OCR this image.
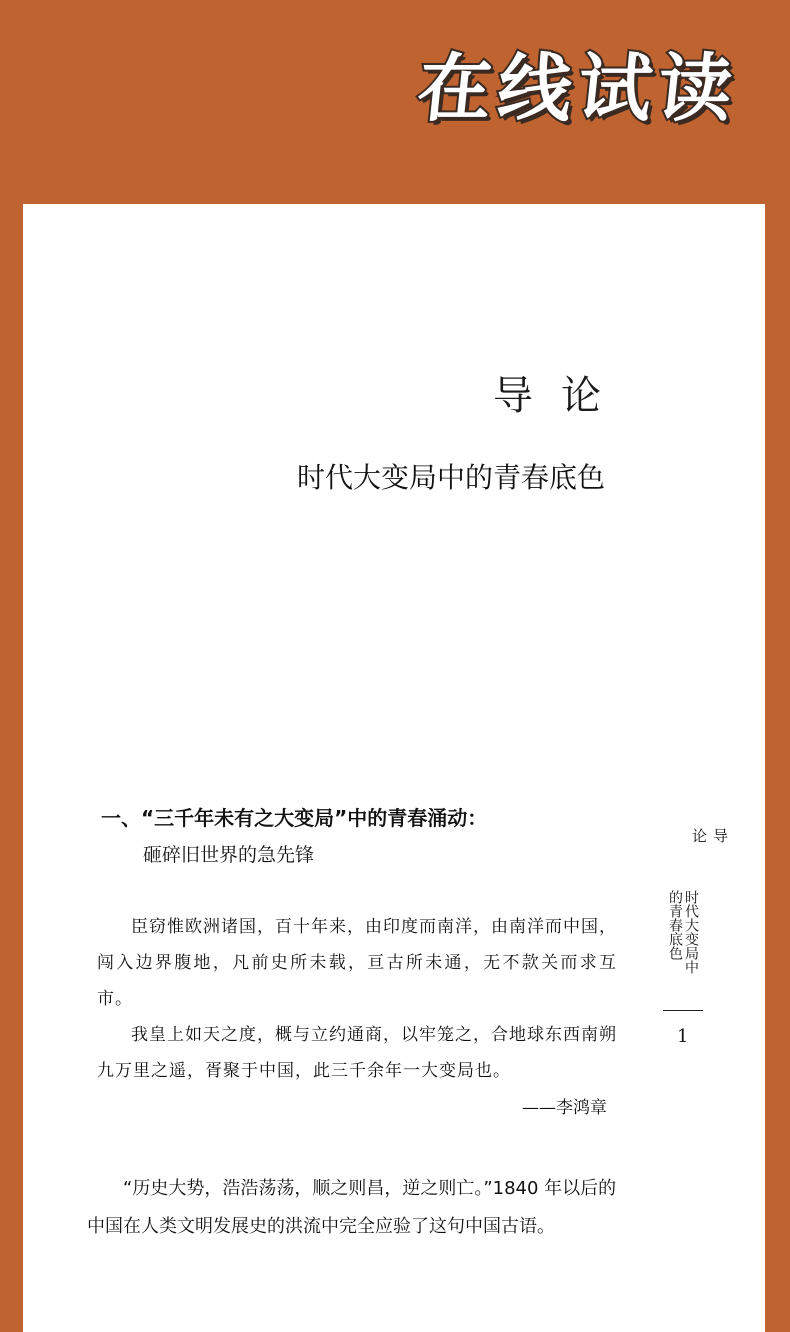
在线试读
导论
时代大变局中的青春底色
一、“三千年未有之大变局”中的青春涌动：
砸碎旧世界的急先锋
臣窃惟欧洲诸国，百十年来，由印度而南洋，由南洋而中国，闯入边界腹地，凡前史所未载，亘古所未通，无不款关而求互市。
我皇上如天之度，概与立约通商，以牢笼之，合地球东西南朔九万里之遥，胥聚于中国，此三千余年一大变局也。
——李鸿章
“历史大势，浩浩荡荡，顺之则昌，逆之则亡。”1840 年以后的中国在人类文明发展史的洪流中完全应验了这句中国古语。
导论
时代大变局中的青春底色
1
